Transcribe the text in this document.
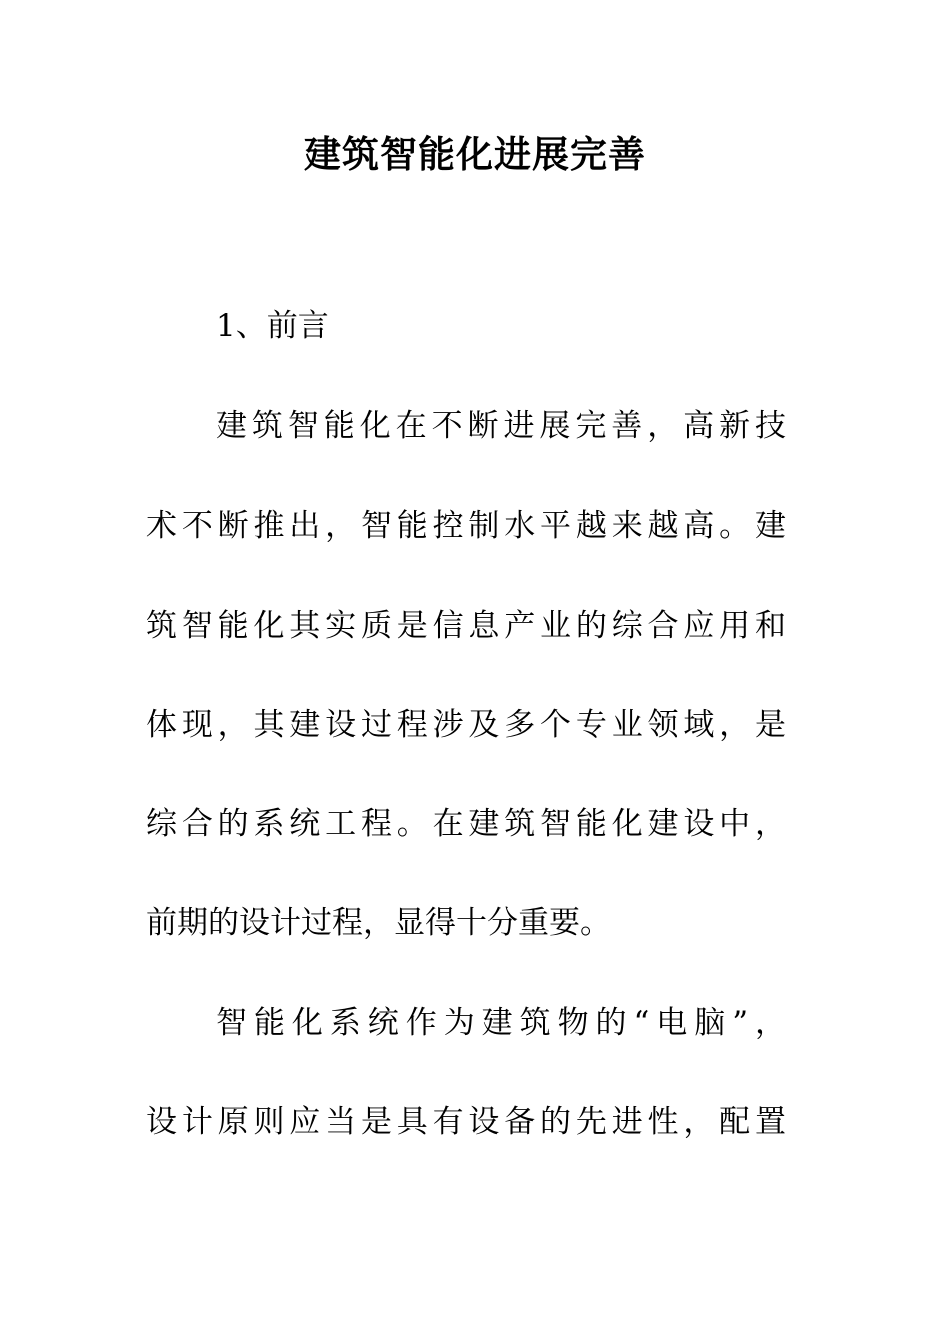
建筑智能化进展完善
1、前言
建筑智能化在不断进展完善，高新技
术不断推出，智能控制水平越来越高。建
筑智能化其实质是信息产业的综合应用和
体现，其建设过程涉及多个专业领域，是
综合的系统工程。在建筑智能化建设中，
前期的设计过程，显得十分重要。
智能化系统作为建筑物的“电脑”，
设计原则应当是具有设备的先进性，配置
